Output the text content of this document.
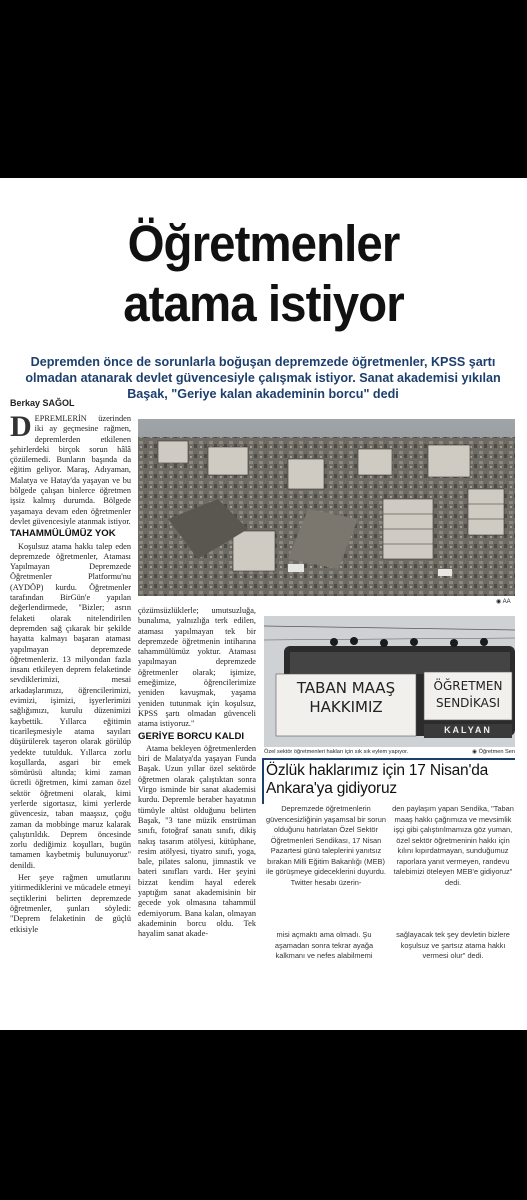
Öğretmenler
atama istiyor
Depremden önce de sorunlarla boğuşan depremzede öğretmenler, KPSS şartı olmadan atanarak devlet güvencesiyle çalışmak istiyor. Sanat akademisi yıkılan Başak, "Geriye kalan akademinin borcu" dedi
Berkay SAĞOL

D EPREMLERİN üzerinden iki ay geçmesine rağmen, depremlerden etkilenen şehirlerdeki birçok sorun hâlâ çözülemedi. Bunların başında da eğitim geliyor. Maraş, Adıyaman, Malatya ve Hatay'da yaşayan ve bu bölgede çalışan binlerce öğretmen işsiz kalmış durumda. Bölgede yaşamaya devam eden öğretmenler devlet güvencesiyle atanmak istiyor.

TAHAMMÜLÜMÜZ YOK

Koşulsuz atama hakkı talep eden depremzede öğretmenler, Ataması Yapılmayan Depremzede Öğretmenler Platformu'nu (AYDÖP) kurdu. Öğretmenler tarafından BirGün'e yapılan değerlendirmede, "Bizler; asrın felaketi olarak nitelendirilen depremden sağ çıkarak bir şekilde hayatta kalmayı başaran ataması yapılmayan depremzede öğretmenleriz. 13 milyondan fazla insanı etkileyen deprem felaketinde sevdiklerimizi, mesai arkadaşlarımızı, öğrencilerimizi, evimizi, işimizi, işyerlerimizi sağlığımızı, kurulu düzenimizi kaybettik. Yıllarca eğitimin ticarileşmesiyle atama sayıları düşürülerek taşeron olarak görülüp yedekte tutulduk. Yıllarca zorlu koşullarda, asgari bir emek sömürüsü altında; kimi zaman ücretli öğretmen, kimi zaman özel sektör öğretmeni olarak, kimi yerlerde sigortasız, kimi yerlerde güvencesiz, taban maaşsız, çoğu zaman da mobbinge maruz kalarak çalıştırıldık. Deprem öncesinde zorlu dediğimiz koşulları, bugün tamamen kaybetmiş bulunuyoruz" denildi.

Her şeye rağmen umutlarını yitirmediklerini ve mücadele etmeyi seçtiklerini belirten depremzede öğretmenler, şunları söyledi: "Deprem felaketinin de güçlü etkisiyle

◉ AA

çözümsüzlüklerle; umutsuzluğa, bunalıma, yalnızlığa terk edilen, ataması yapılmayan tek bir depremzede öğretmenin intiharına tahammülümüz yoktur. Ataması yapılmayan depremzede öğretmenler olarak; işimize, emeğimize, öğrencilerimize yeniden kavuşmak, yaşama yeniden tutunmak için koşulsuz, KPSS şartı olmadan güvenceli atama istiyoruz."

GERİYE BORCU KALDI

Atama bekleyen öğretmenlerden biri de Malatya'da yaşayan Funda Başak. Uzun yıllar özel sektörde öğretmen olarak çalıştıktan sonra Virgo isminde bir sanat akademisi kurdu. Depremle beraber hayatının tümüyle altüst olduğunu belirten Başak, "3 tane müzik enstrüman sınıfı, fotoğraf sanatı sınıfı, dikiş nakış tasarım atölyesi, kütüphane, resim atölyesi, tiyatro sınıfı, yoga, bale, pilates salonu, jimnastik ve bateri sınıfları vardı. Her şeyini bizzat kendim hayal ederek yaptığım sanat akademisinin bir gecede yok olmasına tahammül edemiyorum. Bana kalan, olmayan akademinin borcu oldu. Tek hayalim sanat akade-

TABAN MAAŞ
HAKKIMIZ
ÖĞRETMEN
SENDİKASI
KALYAN
Özel sektör öğretmenleri hakları için sık sık eylem yapıyor.	◉ Öğretmen Sen
Özlük haklarımız için 17 Nisan'da Ankara'ya gidiyoruz

Depremzede öğretmenlerin güvencesizliğinin yaşamsal bir sorun olduğunu hatırlatan Özel Sektör Öğretmenleri Sendikası, 17 Nisan Pazartesi günü taleplerini yanıtsız bırakan Milli Eğitim Bakanlığı (MEB) ile görüşmeye gideceklerini duyurdu. Twitter hesabı üzerin-

den paylaşım yapan Sendika, "Taban maaş hakkı çağrımıza ve mevsimlik işçi gibi çalıştırılmamıza göz yuman, özel sektör öğretmeninin hakkı için kılını kıpırdatmayan, sunduğumuz raporlara yanıt vermeyen, randevu talebimizi öteleyen MEB'e gidiyoruz" dedi.

misi açmaktı ama olmadı. Şu aşamadan sonra tekrar ayağa kalkmanı ve nefes alabilmemi

sağlayacak tek şey devletin bizlere koşulsuz ve şartsız atama hakkı vermesi olur" dedi.
